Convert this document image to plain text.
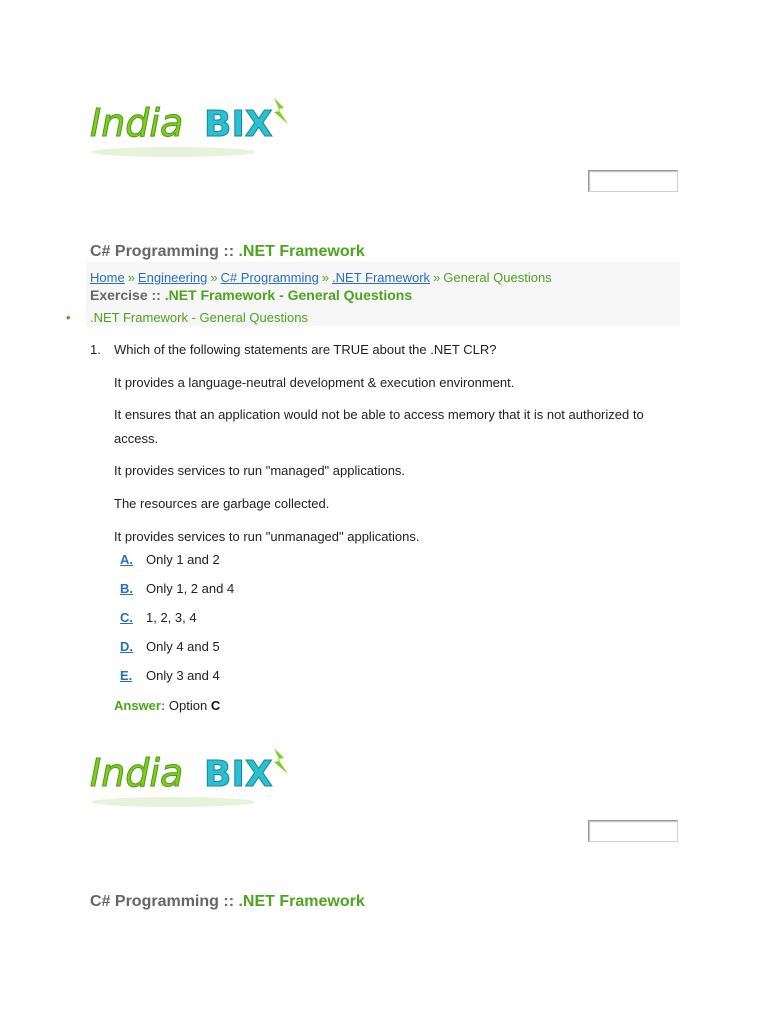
India BIX
C# Programming :: .NET Framework
Home » Engineering » C# Programming » .NET Framework » General Questions
Exercise :: .NET Framework - General Questions
• .NET Framework - General Questions
1. Which of the following statements are TRUE about the .NET CLR?
It provides a language-neutral development & execution environment.
It ensures that an application would not be able to access memory that it is not authorized to access.
It provides services to run "managed" applications.
The resources are garbage collected.
It provides services to run "unmanaged" applications.
A. Only 1 and 2
B. Only 1, 2 and 4
C. 1, 2, 3, 4
D. Only 4 and 5
E. Only 3 and 4
Answer: Option C
India BIX
C# Programming :: .NET Framework
